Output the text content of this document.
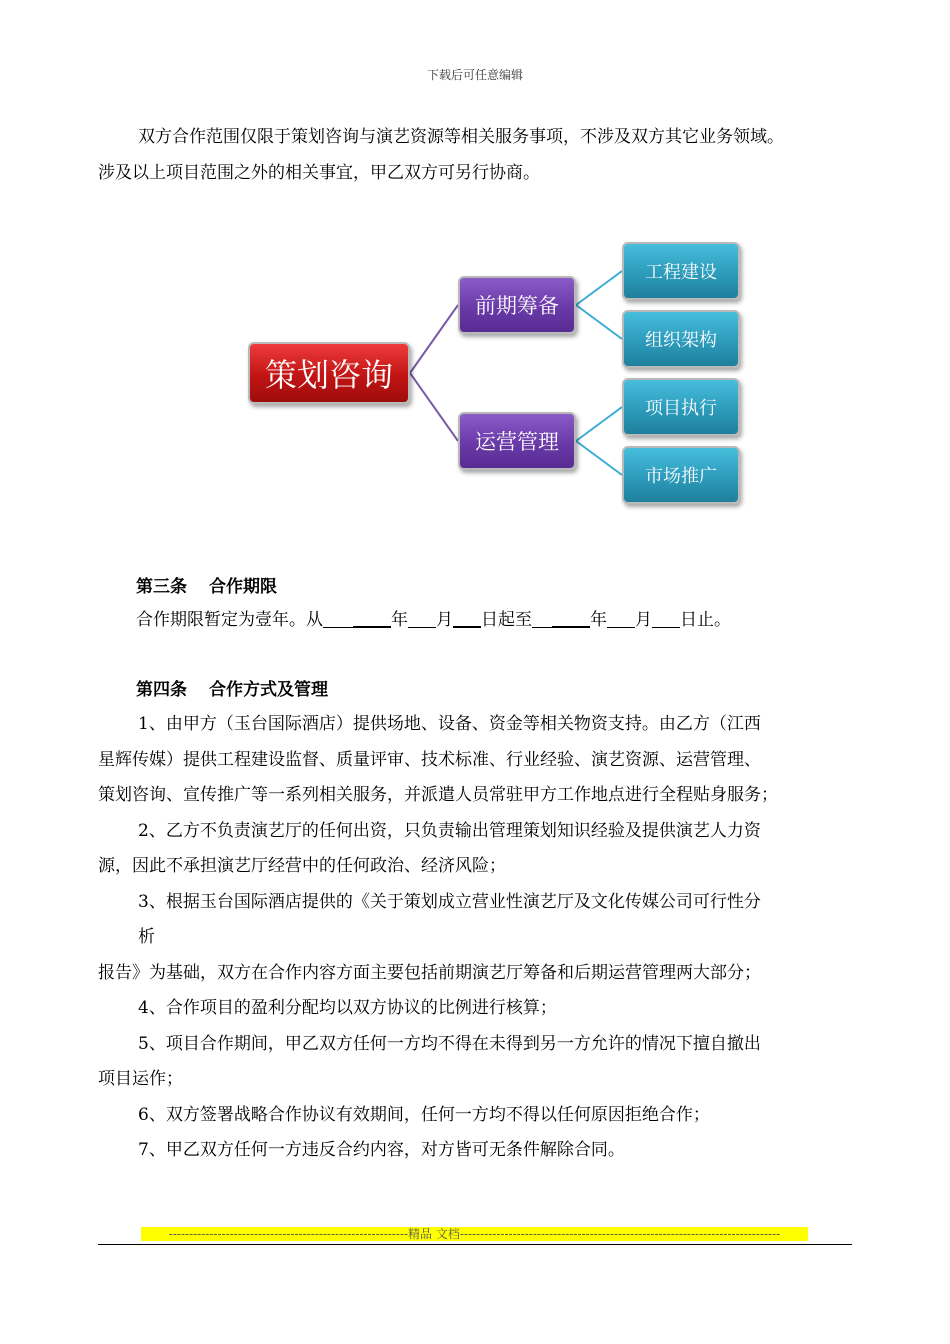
下载后可任意编辑
双方合作范围仅限于策划咨询与演艺资源等相关服务事项，不涉及双方其它业务领域。
涉及以上项目范围之外的相关事宜，甲乙双方可另行协商。
策划咨询
前期筹备
运营管理
工程建设
组织架构
项目执行
市场推广
第三条 合作期限
合作期限暂定为壹年。从	年 月 日起至	年 月 日止。
第四条 合作方式及管理
1、由甲方（玉台国际酒店）提供场地、设备、资金等相关物资支持。由乙方（江西
星辉传媒）提供工程建设监督、质量评审、技术标准、行业经验、演艺资源、运营管理、
策划咨询、宣传推广等一系列相关服务，并派遣人员常驻甲方工作地点进行全程贴身服务；
2、乙方不负责演艺厅的任何出资，只负责输出管理策划知识经验及提供演艺人力资
源，因此不承担演艺厅经营中的任何政治、经济风险；
3、根据玉台国际酒店提供的《关于策划成立营业性演艺厅及文化传媒公司可行性分
析
报告》为基础，双方在合作内容方面主要包括前期演艺厅筹备和后期运营管理两大部分；
4、合作项目的盈利分配均以双方协议的比例进行核算；
5、项目合作期间，甲乙双方任何一方均不得在未得到另一方允许的情况下擅自撤出
项目运作；
6、双方签署战略合作协议有效期间，任何一方均不得以任何原因拒绝合作；
7、甲乙双方任何一方违反合约内容，对方皆可无条件解除合同。
-----------------------------------------------------------精品 文档-------------------------------------------------------------------------------
